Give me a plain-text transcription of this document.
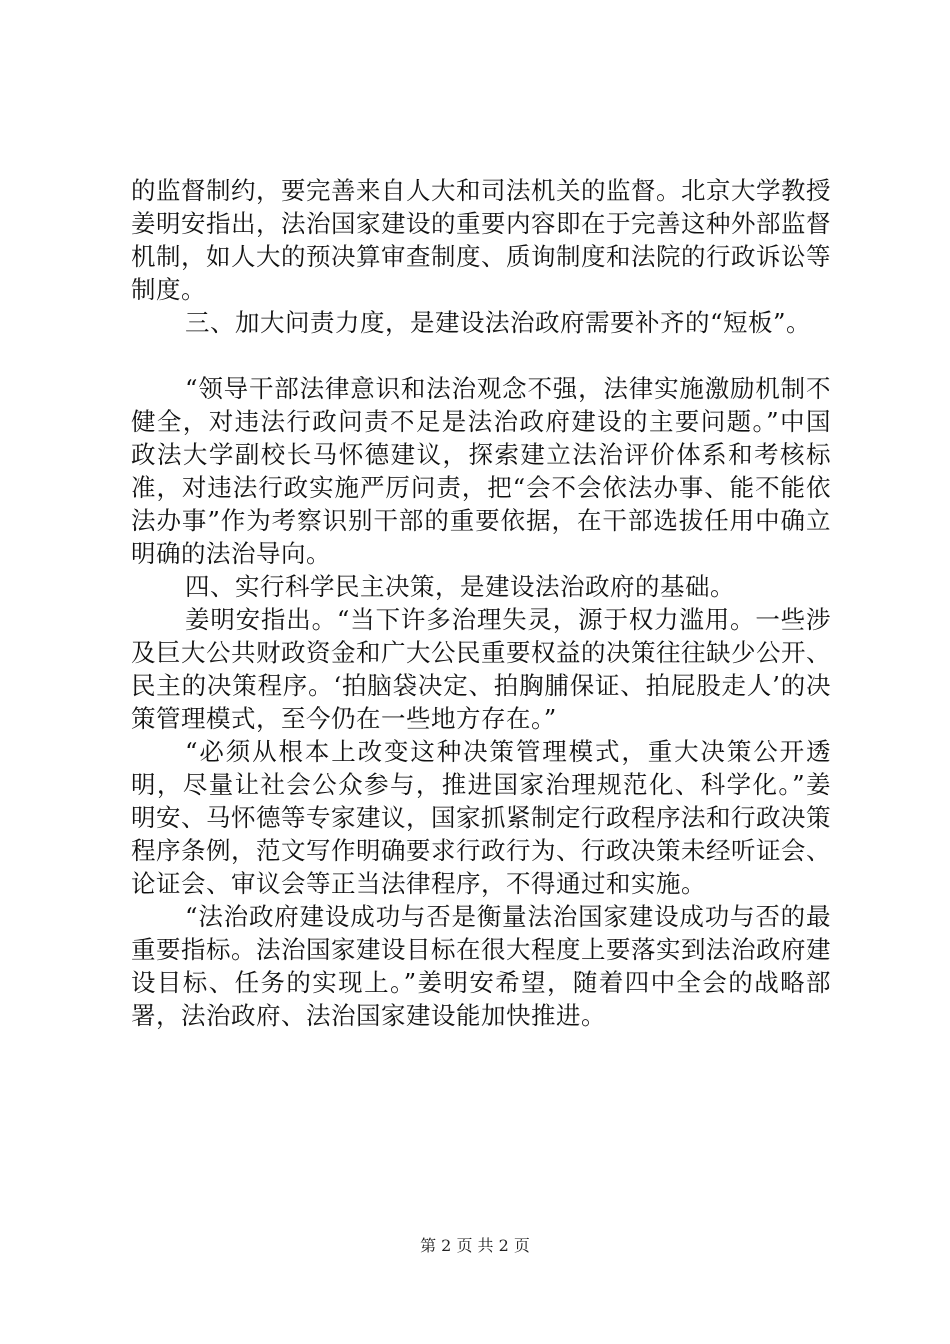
的监督制约，要完善来自人大和司法机关的监督。北京大学教授姜明安指出，法治国家建设的重要内容即在于完善这种外部监督机制，如人大的预决算审查制度、质询制度和法院的行政诉讼等制度。

三、加大问责力度，是建设法治政府需要补齐的“短板”。

“领导干部法律意识和法治观念不强，法律实施激励机制不健全，对违法行政问责不足是法治政府建设的主要问题。”中国政法大学副校长马怀德建议，探索建立法治评价体系和考核标准，对违法行政实施严厉问责，把“会不会依法办事、能不能依法办事”作为考察识别干部的重要依据，在干部选拔任用中确立明确的法治导向。

四、实行科学民主决策，是建设法治政府的基础。

姜明安指出。“当下许多治理失灵，源于权力滥用。一些涉及巨大公共财政资金和广大公民重要权益的决策往往缺少公开、民主的决策程序。‘拍脑袋决定、拍胸脯保证、拍屁股走人’的决策管理模式，至今仍在一些地方存在。”

“必须从根本上改变这种决策管理模式，重大决策公开透明，尽量让社会公众参与，推进国家治理规范化、科学化。”姜明安、马怀德等专家建议，国家抓紧制定行政程序法和行政决策程序条例，范文写作明确要求行政行为、行政决策未经听证会、论证会、审议会等正当法律程序，不得通过和实施。

“法治政府建设成功与否是衡量法治国家建设成功与否的最重要指标。法治国家建设目标在很大程度上要落实到法治政府建设目标、任务的实现上。”姜明安希望，随着四中全会的战略部署，法治政府、法治国家建设能加快推进。

第 2 页 共 2 页
